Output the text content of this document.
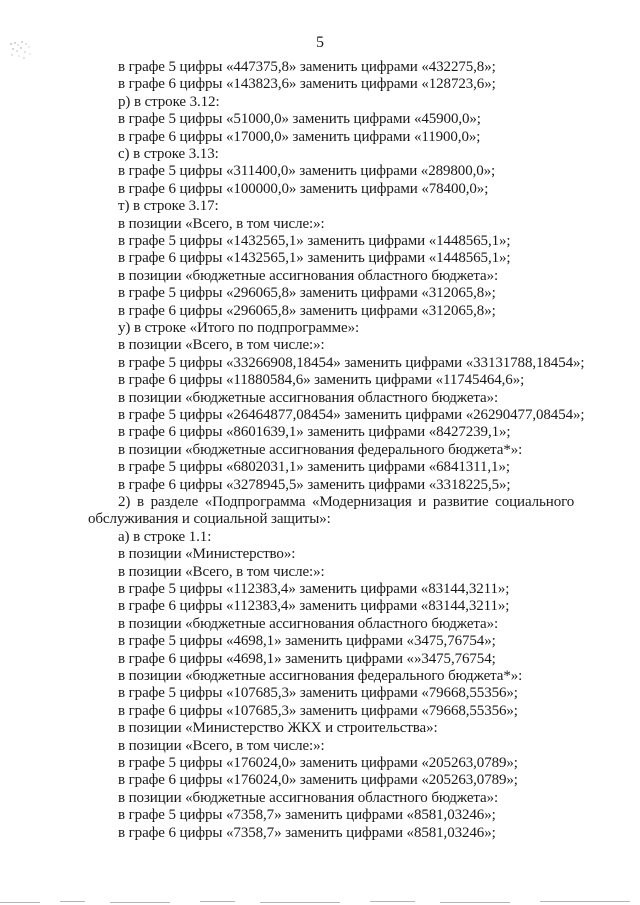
5
в графе 5 цифры «447375,8» заменить цифрами «432275,8»;
в графе 6 цифры «143823,6» заменить цифрами «128723,6»;
р) в строке 3.12:
в графе 5 цифры «51000,0» заменить цифрами «45900,0»;
в графе 6 цифры «17000,0» заменить цифрами «11900,0»;
с) в строке 3.13:
в графе 5 цифры «311400,0» заменить цифрами «289800,0»;
в графе 6 цифры «100000,0» заменить цифрами «78400,0»;
т) в строке 3.17:
в позиции «Всего, в том числе:»:
в графе 5 цифры «1432565,1» заменить цифрами «1448565,1»;
в графе 6 цифры «1432565,1» заменить цифрами «1448565,1»;
в позиции «бюджетные ассигнования областного бюджета»:
в графе 5 цифры «296065,8» заменить цифрами «312065,8»;
в графе 6 цифры «296065,8» заменить цифрами «312065,8»;
у) в строке «Итого по подпрограмме»:
в позиции «Всего, в том числе:»:
в графе 5 цифры «33266908,18454» заменить цифрами «33131788,18454»;
в графе 6 цифры «11880584,6» заменить цифрами «11745464,6»;
в позиции «бюджетные ассигнования областного бюджета»:
в графе 5 цифры «26464877,08454» заменить цифрами «26290477,08454»;
в графе 6 цифры «8601639,1» заменить цифрами «8427239,1»;
в позиции «бюджетные ассигнования федерального бюджета*»:
в графе 5 цифры «6802031,1» заменить цифрами «6841311,1»;
в графе 6 цифры «3278945,5» заменить цифрами «3318225,5»;
2) в разделе «Подпрограмма «Модернизация и развитие социального
обслуживания и социальной защиты»:
а) в строке 1.1:
в позиции «Министерство»:
в позиции «Всего, в том числе:»:
в графе 5 цифры «112383,4» заменить цифрами «83144,3211»;
в графе 6 цифры «112383,4» заменить цифрами «83144,3211»;
в позиции «бюджетные ассигнования областного бюджета»:
в графе 5 цифры «4698,1» заменить цифрами «3475,76754»;
в графе 6 цифры «4698,1» заменить цифрами «»3475,76754;
в позиции «бюджетные ассигнования федерального бюджета*»:
в графе 5 цифры «107685,3» заменить цифрами «79668,55356»;
в графе 6 цифры «107685,3» заменить цифрами «79668,55356»;
в позиции «Министерство ЖКХ и строительства»:
в позиции «Всего, в том числе:»:
в графе 5 цифры «176024,0» заменить цифрами «205263,0789»;
в графе 6 цифры «176024,0» заменить цифрами «205263,0789»;
в позиции «бюджетные ассигнования областного бюджета»:
в графе 5 цифры «7358,7» заменить цифрами «8581,03246»;
в графе 6 цифры «7358,7» заменить цифрами «8581,03246»;
